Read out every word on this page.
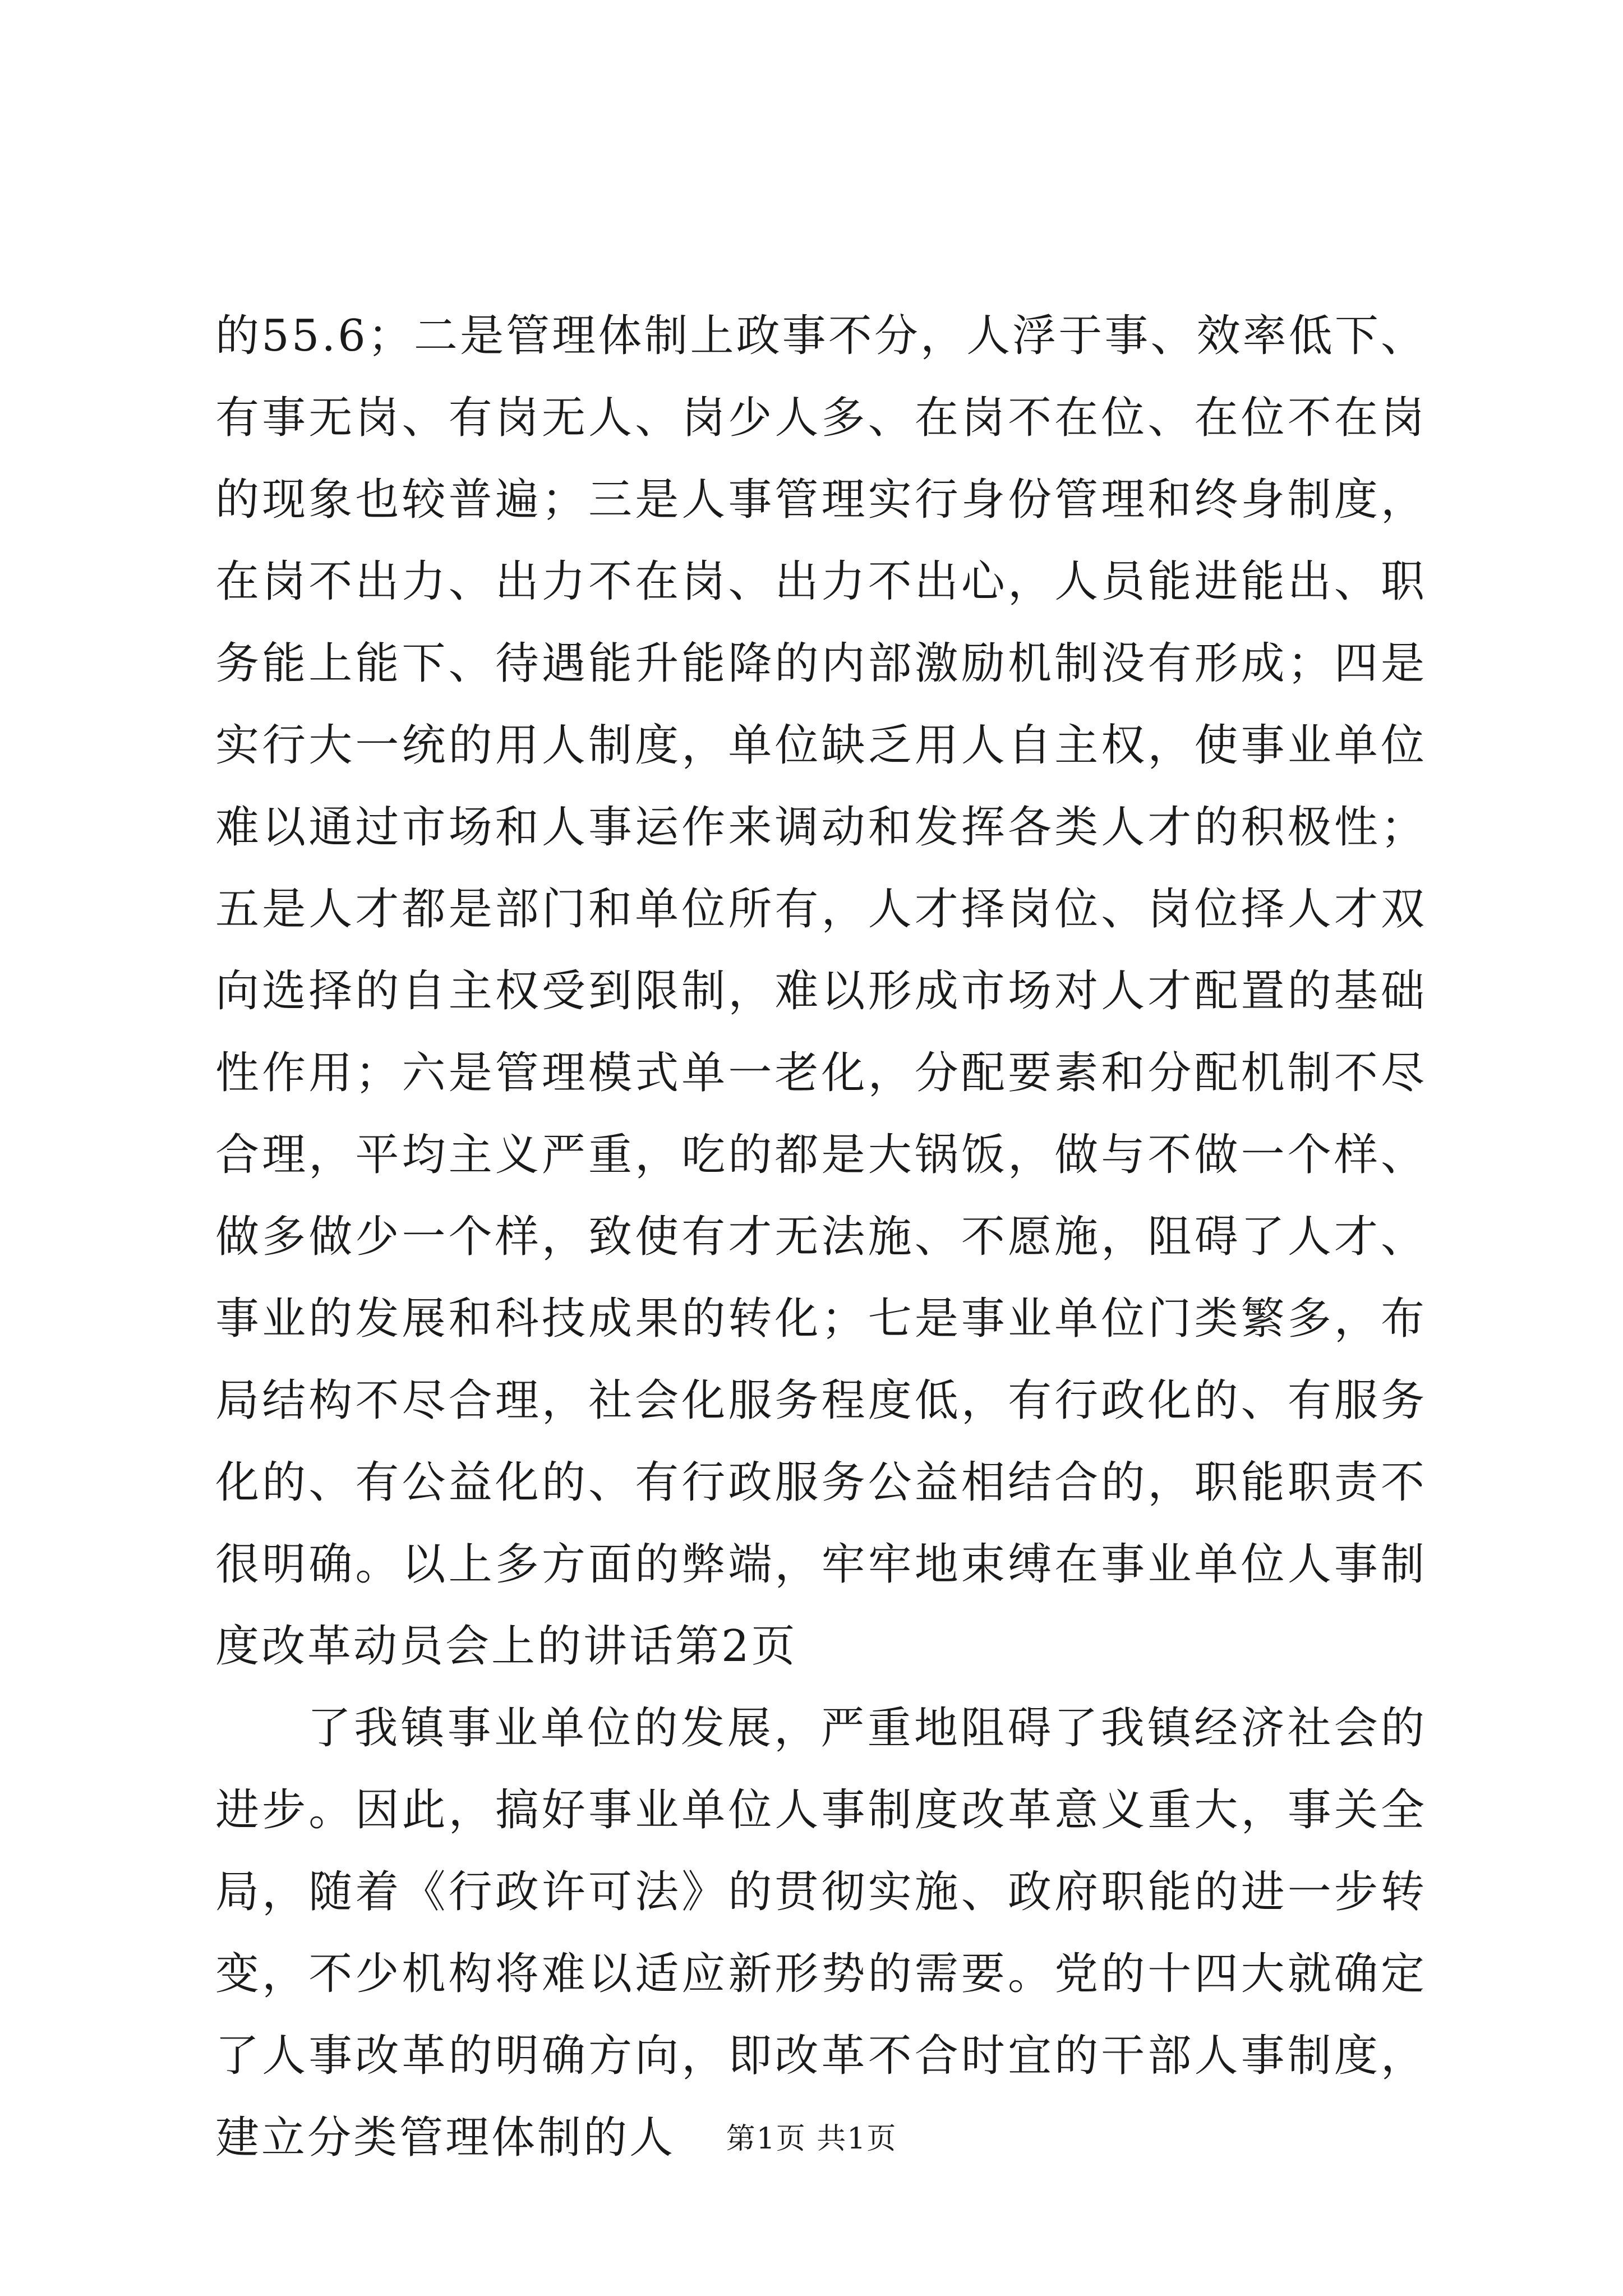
的55.6；二是管理体制上政事不分，人浮于事、效率低下、有事无岗、有岗无人、岗少人多、在岗不在位、在位不在岗的现象也较普遍；三是人事管理实行身份管理和终身制度，在岗不出力、出力不在岗、出力不出心，人员能进能出、职务能上能下、待遇能升能降的内部激励机制没有形成；四是实行大一统的用人制度，单位缺乏用人自主权，使事业单位难以通过市场和人事运作来调动和发挥各类人才的积极性；五是人才都是部门和单位所有，人才择岗位、岗位择人才双向选择的自主权受到限制，难以形成市场对人才配置的基础性作用；六是管理模式单一老化，分配要素和分配机制不尽合理，平均主义严重，吃的都是大锅饭，做与不做一个样、做多做少一个样，致使有才无法施、不愿施，阻碍了人才、事业的发展和科技成果的转化；七是事业单位门类繁多，布局结构不尽合理，社会化服务程度低，有行政化的、有服务化的、有公益化的、有行政服务公益相结合的，职能职责不很明确。以上多方面的弊端，牢牢地束缚在事业单位人事制度改革动员会上的讲话第2页

了我镇事业单位的发展，严重地阻碍了我镇经济社会的进步。因此，搞好事业单位人事制度改革意义重大，事关全局，随着《行政许可法》的贯彻实施、政府职能的进一步转变，不少机构将难以适应新形势的需要。党的十四大就确定了人事改革的明确方向，即改革不合时宜的干部人事制度，建立分类管理体制的人	第1页 共1页
